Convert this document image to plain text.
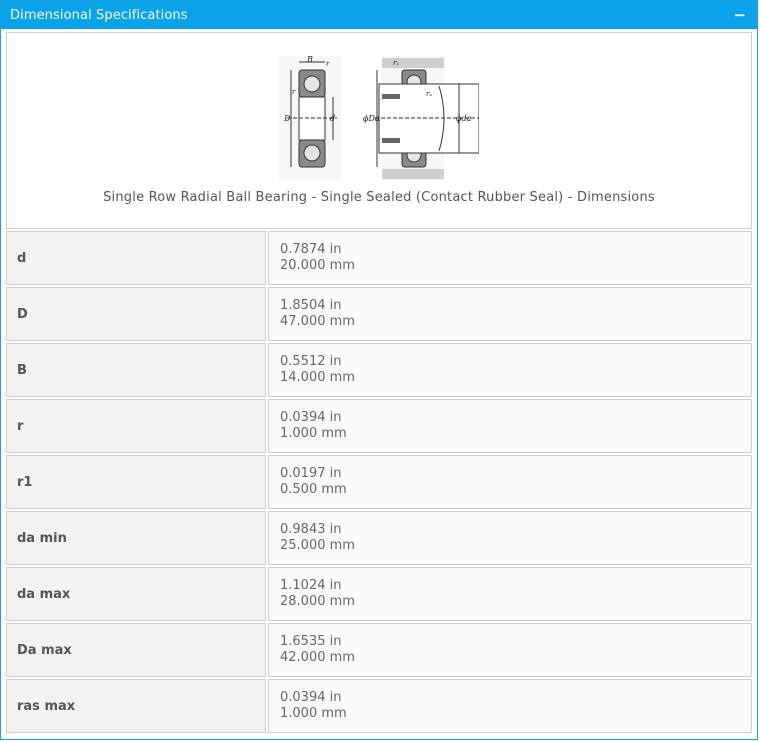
Dimensional Specifications	−
B r
r
D	d
r₁
rₐ
ϕDa	ϕda
Single Row Radial Ball Bearing - Single Sealed (Contact Rubber Seal) - Dimensions
d
0.7874 in
20.000 mm
D
1.8504 in
47.000 mm
B
0.5512 in
14.000 mm
r
0.0394 in
1.000 mm
r1
0.0197 in
0.500 mm
da min
0.9843 in
25.000 mm
da max
1.1024 in
28.000 mm
Da max
1.6535 in
42.000 mm
ras max
0.0394 in
1.000 mm
